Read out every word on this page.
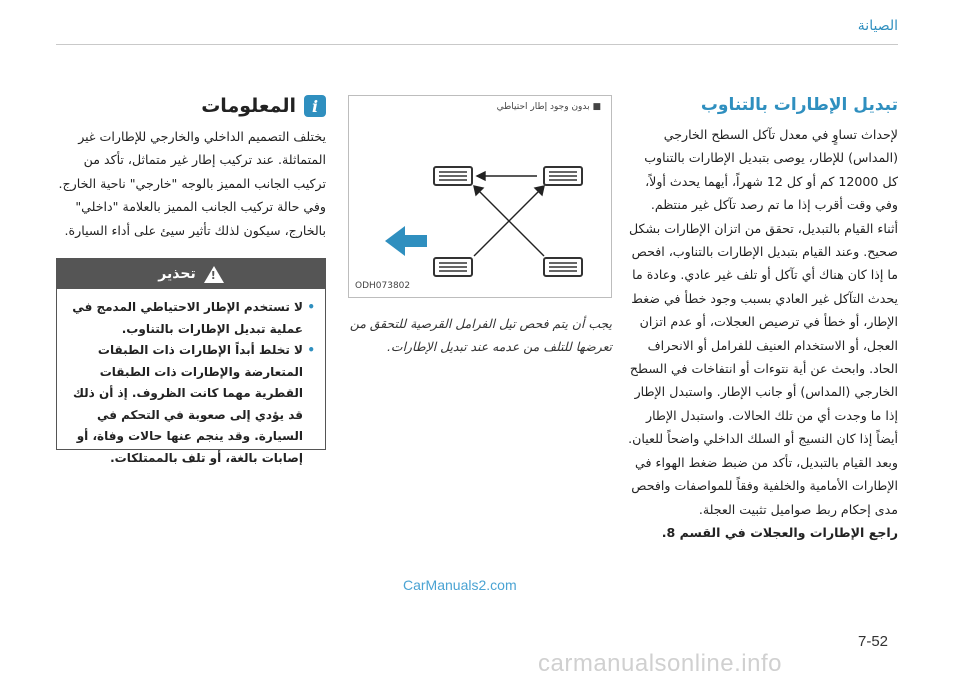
الصيانة
تبديل الإطارات بالتناوب

لإحداث تساوٍ في معدل تآكل السطح الخارجي (المداس) للإطار، يوصى بتبديل الإطارات بالتناوب كل 12000 كم أو كل 12 شهراً، أيهما يحدث أولاً، وفي وقت أقرب إذا ما تم رصد تآكل غير منتظم. أثناء القيام بالتبديل، تحقق من اتزان الإطارات بشكل صحيح. وعند القيام بتبديل الإطارات بالتناوب، افحص ما إذا كان هناك أي تآكل أو تلف غير عادي. وعادة ما يحدث التآكل غير العادي بسبب وجود خطأ في ضغط الإطار، أو خطأ في ترصيص العجلات، أو عدم اتزان العجل، أو الاستخدام العنيف للفرامل أو الانحراف الحاد. وابحث عن أية نتوءات أو انتفاخات في السطح الخارجي (المداس) أو جانب الإطار. واستبدل الإطار إذا ما وجدت أي من تلك الحالات. واستبدل الإطار أيضاً إذا كان النسيج أو السلك الداخلي واضحاً للعيان. وبعد القيام بالتبديل، تأكد من ضبط ضغط الهواء في الإطارات الأمامية والخلفية وفقاً للمواصفات وافحص مدى إحكام ربط صواميل تثبيت العجلة.

راجع الإطارات والعجلات في القسم 8.

■ بدون وجود إطار احتياطي
ODH073802
يجب أن يتم فحص تيل الفرامل القرصية للتحقق من تعرضها للتلف من عدمه عند تبديل الإطارات.
i
المعلومات

يختلف التصميم الداخلي والخارجي للإطارات غير المتماثلة. عند تركيب إطار غير متماثل، تأكد من تركيب الجانب المميز بالوجه "خارجي" ناحية الخارج. وفي حالة تركيب الجانب المميز بالعلامة "داخلي" بالخارج، سيكون لذلك تأثير سيئ على أداء السيارة.

!
تحذير
• لا تستخدم الإطار الاحتياطي المدمج في عملية تبديل الإطارات بالتناوب.
• لا تخلط أبداً الإطارات ذات الطبقات المتعارضة والإطارات ذات الطبقات القطرية مهما كانت الظروف. إذ أن ذلك قد يؤدي إلى صعوبة في التحكم في السيارة. وقد ينجم عنها حالات وفاة، أو إصابات بالغة، أو تلف بالممتلكات.
CarManuals2.com
7-52
carmanualsonline.info
